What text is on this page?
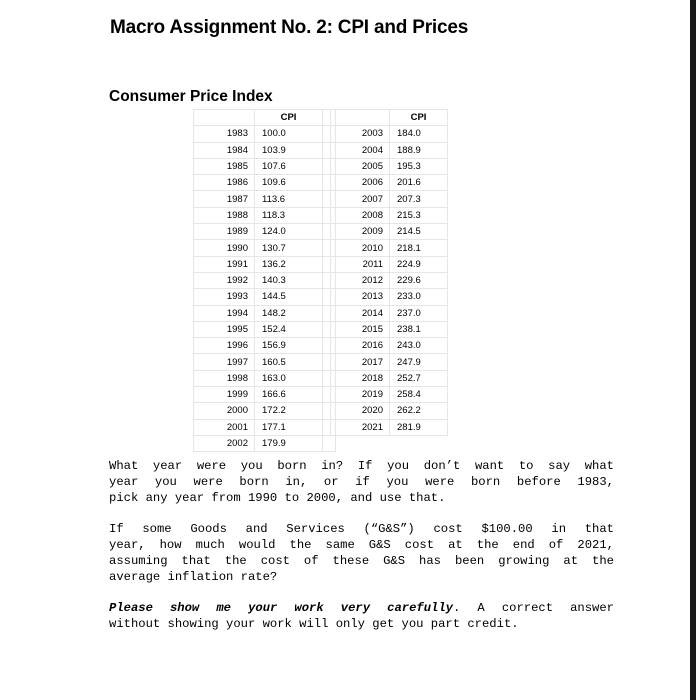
Macro Assignment No. 2: CPI and Prices
Consumer Price Index
	CPI	
1983	100.0	
1984	103.9	
1985	107.6	
1986	109.6	
1987	113.6	
1988	118.3	
1989	124.0	
1990	130.7	
1991	136.2	
1992	140.3	
1993	144.5	
1994	148.2	
1995	152.4	
1996	156.9	
1997	160.5	
1998	163.0	
1999	166.6	
2000	172.2	
2001	177.1	
2002	179.9	
	CPI
2003	184.0
2004	188.9
2005	195.3
2006	201.6
2007	207.3
2008	215.3
2009	214.5
2010	218.1
2011	224.9
2012	229.6
2013	233.0
2014	237.0
2015	238.1
2016	243.0
2017	247.9
2018	252.7
2019	258.4
2020	262.2
2021	281.9
What year were you born in? If you don’t want to say what
year you were born in, or if you were born before 1983,
pick any year from 1990 to 2000, and use that.
If some Goods and Services (“G&S”) cost $100.00 in that
year, how much would the same G&S cost at the end of 2021,
assuming that the cost of these G&S has been growing at the
average inflation rate?
Please show me your work very carefully. A correct answer
without showing your work will only get you part credit.
